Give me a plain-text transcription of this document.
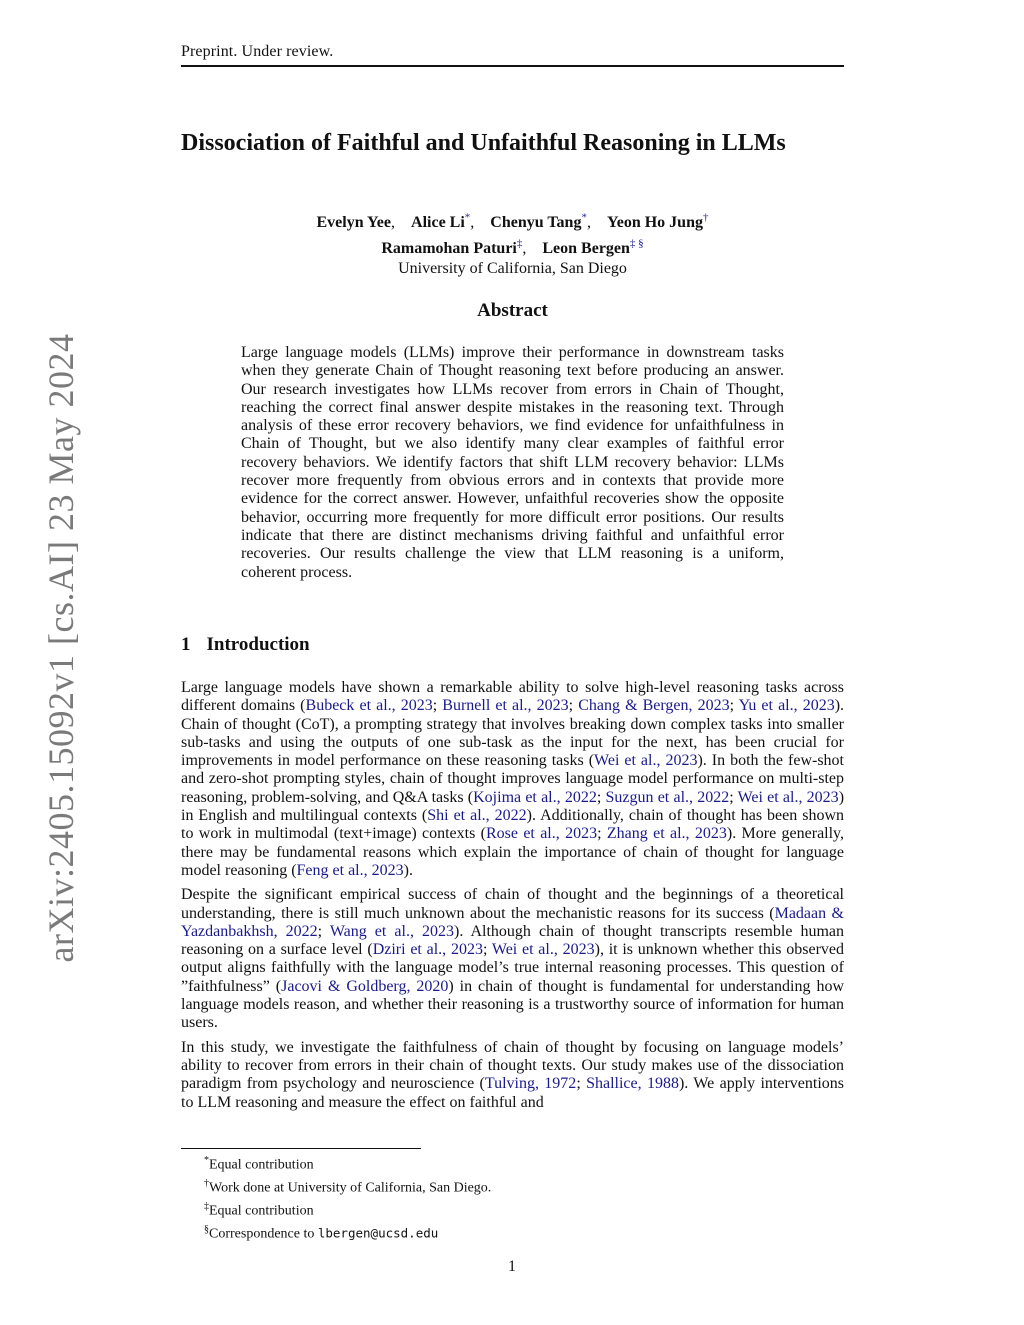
Preprint. Under review.
arXiv:2405.15092v1 [cs.AI] 23 May 2024
Dissociation of Faithful and Unfaithful Reasoning in LLMs
Evelyn Yee, Alice Li*, Chenyu Tang*, Yeon Ho Jung†
Ramamohan Paturi‡, Leon Bergen‡ §
University of California, San Diego
Abstract

Large language models (LLMs) improve their performance in downstream tasks when they generate Chain of Thought reasoning text before producing an answer. Our research investigates how LLMs recover from errors in Chain of Thought, reaching the correct final answer despite mistakes in the reasoning text. Through analysis of these error recovery behaviors, we find evidence for unfaithfulness in Chain of Thought, but we also identify many clear examples of faithful error recovery behaviors. We identify factors that shift LLM recovery behavior: LLMs recover more frequently from obvious errors and in contexts that provide more evidence for the correct answer. However, unfaithful recoveries show the opposite behavior, occurring more frequently for more difficult error positions. Our results indicate that there are distinct mechanisms driving faithful and unfaithful error recoveries. Our results challenge the view that LLM reasoning is a uniform, coherent process.

1 Introduction

Large language models have shown a remarkable ability to solve high-level reasoning tasks across different domains (Bubeck et al., 2023; Burnell et al., 2023; Chang & Bergen, 2023; Yu et al., 2023). Chain of thought (CoT), a prompting strategy that involves breaking down complex tasks into smaller sub-tasks and using the outputs of one sub-task as the input for the next, has been crucial for improvements in model performance on these reasoning tasks (Wei et al., 2023). In both the few-shot and zero-shot prompting styles, chain of thought improves language model performance on multi-step reasoning, problem-solving, and Q&A tasks (Kojima et al., 2022; Suzgun et al., 2022; Wei et al., 2023) in English and multilingual contexts (Shi et al., 2022). Additionally, chain of thought has been shown to work in multimodal (text+image) contexts (Rose et al., 2023; Zhang et al., 2023). More generally, there may be fundamental reasons which explain the importance of chain of thought for language model reasoning (Feng et al., 2023).

Despite the significant empirical success of chain of thought and the beginnings of a theoretical understanding, there is still much unknown about the mechanistic reasons for its success (Madaan & Yazdanbakhsh, 2022; Wang et al., 2023). Although chain of thought transcripts resemble human reasoning on a surface level (Dziri et al., 2023; Wei et al., 2023), it is unknown whether this observed output aligns faithfully with the language model’s true internal reasoning processes. This question of ”faithfulness” (Jacovi & Goldberg, 2020) in chain of thought is fundamental for understanding how language models reason, and whether their reasoning is a trustworthy source of information for human users.

In this study, we investigate the faithfulness of chain of thought by focusing on language models’ ability to recover from errors in their chain of thought texts. Our study makes use of the dissociation paradigm from psychology and neuroscience (Tulving, 1972; Shallice, 1988). We apply interventions to LLM reasoning and measure the effect on faithful and

*Equal contribution
†Work done at University of California, San Diego.
‡Equal contribution
§Correspondence to lbergen@ucsd.edu
1
